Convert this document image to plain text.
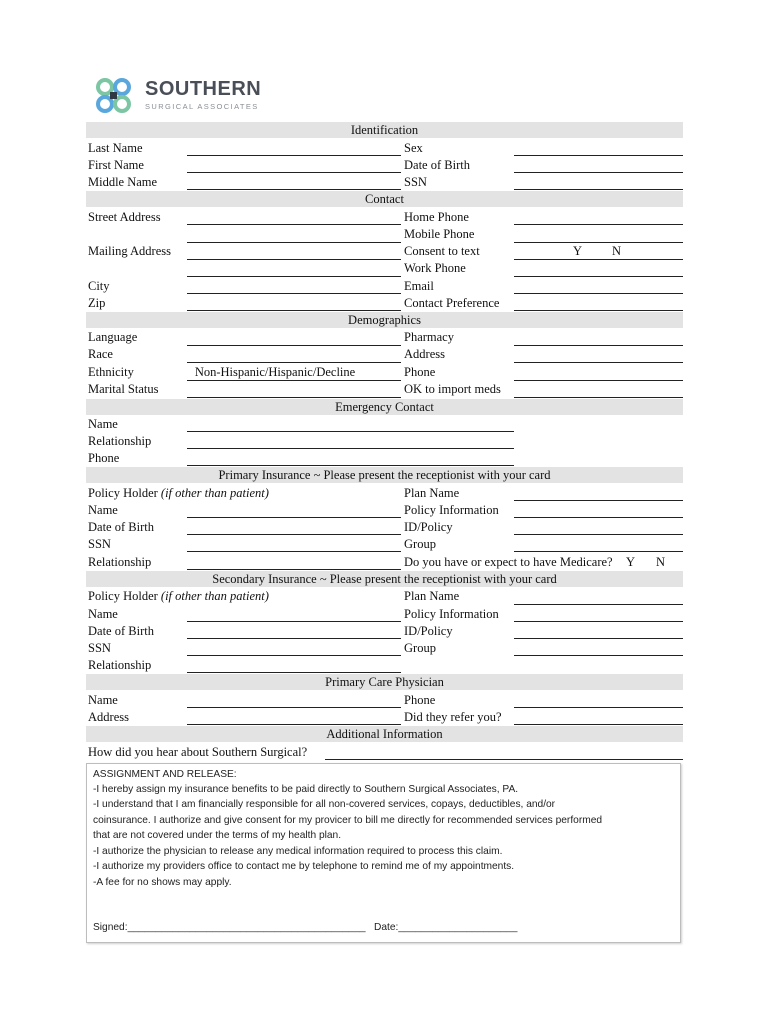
SOUTHERN
SURGICAL ASSOCIATES
Identification
Last Name
First Name
Middle Name
Sex
Date of Birth
SSN
Contact
Street Address
Mailing Address
City
Zip
Home Phone
Mobile Phone
Consent to text
Work Phone
Email
Contact Preference
Y N
Demographics
Language
Race
Ethnicity
Marital Status
Non-Hispanic/Hispanic/Decline
Pharmacy
Address
Phone
OK to import meds
Emergency Contact
Name
Relationship
Phone
Primary Insurance ~ Please present the receptionist with your card
Policy Holder (if other than patient)
Name
Date of Birth
SSN
Relationship
Plan Name
Policy Information
ID/Policy
Group
Do you have or expect to have Medicare? Y N
Secondary Insurance ~ Please present the receptionist with your card
Policy Holder (if other than patient)
Name
Date of Birth
SSN
Relationship
Plan Name
Policy Information
ID/Policy
Group
Primary Care Physician
Name
Address
Phone
Did they refer you?
Additional Information
How did you hear about Southern Surgical?
ASSIGNMENT AND RELEASE:
-I hereby assign my insurance benefits to be paid directly to Southern Surgical Associates, PA.
-I understand that I am financially responsible for all non-covered services, copays, deductibles, and/or
coinsurance. I authorize and give consent for my provicer to bill me directly for recommended services performed
that are not covered under the terms of my health plan.
-I authorize the physician to release any medical information required to process this claim.
-I authorize my providers office to contact me by telephone to remind me of my appointments.
-A fee for no shows may apply.
Signed:__________________________________________ Date:_____________________
